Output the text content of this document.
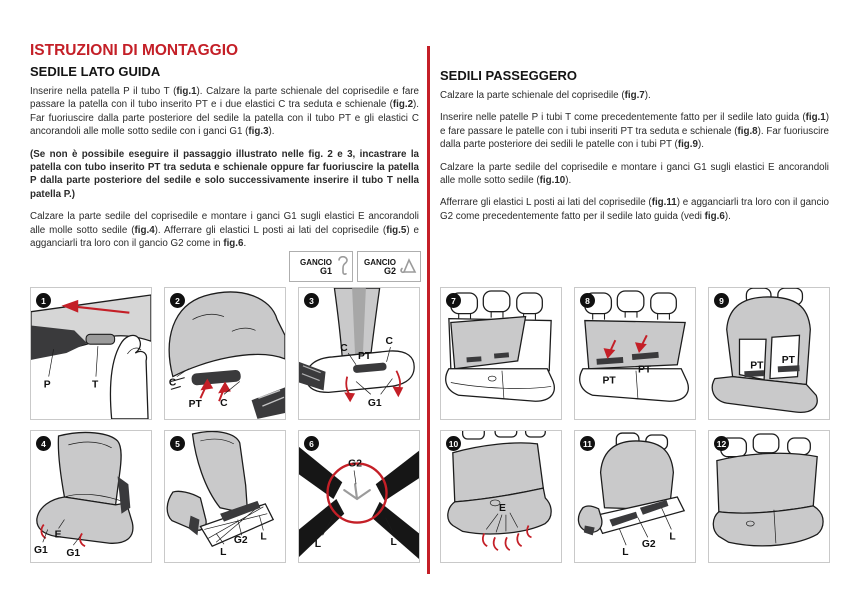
ISTRUZIONI DI MONTAGGIO
SEDILE LATO GUIDA

Inserire nella patella P il tubo T (fig.1). Calzare la parte schienale del coprisedile e fare passare la patella con il tubo inserito PT e i due elastici C tra seduta e schienale (fig.2). Far fuoriuscire dalla parte posteriore del sedile la patella con il tubo PT e gli elastici C ancorandoli alle molle sotto sedile con i ganci G1 (fig.3).

(Se non è possibile eseguire il passaggio illustrato nelle fig. 2 e 3, incastrare la patella con tubo inserito PT tra seduta e schienale oppure far fuoriuscire la patella P dalla parte posteriore del sedile e solo successivamente inserire il tubo T nella patella P.)

Calzare la parte sedile del coprisedile e montare i ganci G1 sugli elastici E ancorandoli alle molle sotto sedile (fig.4). Afferrare gli elastici L posti ai lati del coprisedile (fig.5) e agganciarli tra loro con il gancio G2 come in fig.6.

SEDILI PASSEGGERO

Calzare la parte schienale del coprisedile (fig.7).

Inserire nelle patelle P i tubi T come precedentemente fatto per il sedile lato guida (fig.1) e fare passare le patelle con i tubi inseriti PT tra seduta e schienale (fig.8). Far fuoriuscire dalla parte posteriore dei sedili le patelle con i tubi PT (fig.9).

Calzare la parte sedile del coprisedile e montare i ganci G1 sugli elastici E ancorandoli alle molle sotto sedile (fig.10).

Afferrare gli elastici L posti ai lati del coprisedile (fig.11) e agganciarli tra loro con il gancio G2 come precedentemente fatto per il sedile lato guida (vedi fig.6).

GANCIO
G1
GANCIO
G2
1
P	T
2
C
PT C
3
C
PT
C
G1
4
G1
E
G1
5
L
G2 L
6
G2
L	L
7	8
PT
PT
9
PT
PT
10
E
11
L
G2
L
12
